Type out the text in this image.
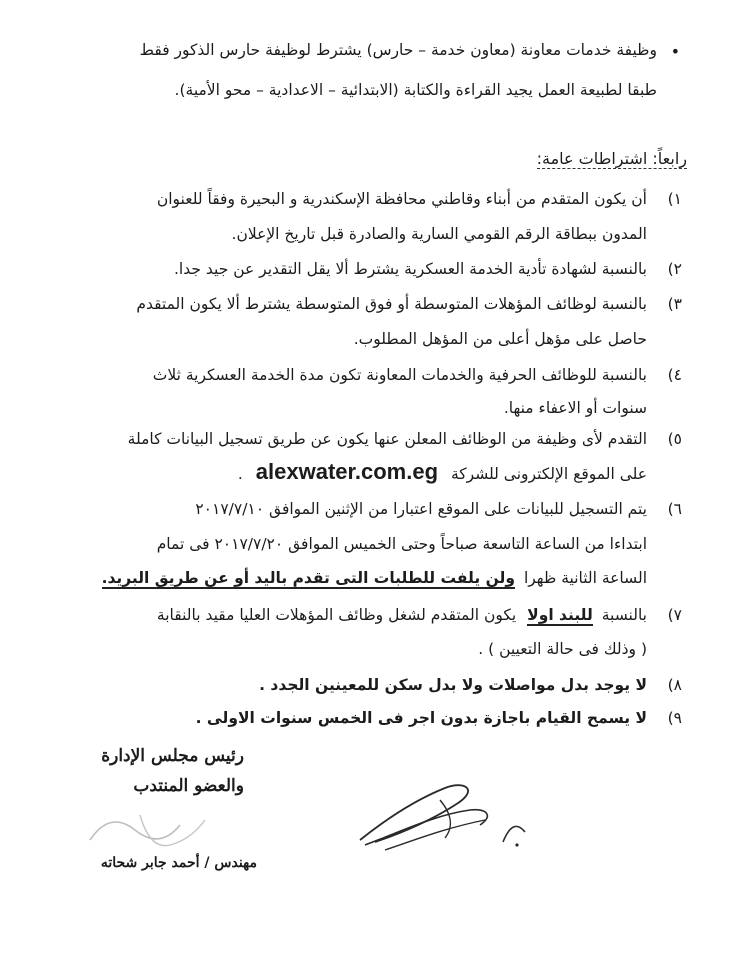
•
وظيفة خدمات معاونة (معاون خدمة – حارس) يشترط لوظيفة حارس الذكور فقط
طبقا لطبيعة العمل يجيد القراءة والكتابة (الابتدائية – الاعدادية – محو الأمية).
رابعاً: اشتراطات عامة:
(١
أن يكون المتقدم من أبناء وقاطني محافظة الإسكندرية و البحيرة وفقاً للعنوان
المدون ببطاقة الرقم القومي السارية والصادرة قبل تاريخ الإعلان.
(٢
بالنسبة لشهادة تأدية الخدمة العسكرية يشترط ألا يقل التقدير عن جيد جدا.
(٣
بالنسبة لوظائف المؤهلات المتوسطة أو فوق المتوسطة يشترط ألا يكون المتقدم
حاصل على مؤهل أعلى من المؤهل المطلوب.
(٤
بالنسبة للوظائف الحرفية والخدمات المعاونة تكون مدة الخدمة العسكرية ثلاث
سنوات أو الاعفاء منها.
(٥
التقدم لأى وظيفة من الوظائف المعلن عنها يكون عن طريق تسجيل البيانات كاملة
على الموقع الإلكترونى للشركة alexwater.com.eg .
(٦
يتم التسجيل للبيانات على الموقع اعتبارا من الإثنين الموافق ٢٠١٧/٧/١٠
ابتداءا من الساعة التاسعة صباحاً وحتى الخميس الموافق ٢٠١٧/٧/٢٠ فى تمام
الساعة الثانية ظهرا ولن يلفت للطلبات التى تقدم باليد أو عن طريق البريد.
(٧
بالنسبة للبند اولا يكون المتقدم لشغل وظائف المؤهلات العليا مقيد بالنقابة
( وذلك فى حالة التعيين ) .
(٨
لا يوجد بدل مواصلات ولا بدل سكن للمعينين الجدد .
(٩
لا يسمح القيام باجازة بدون اجر فى الخمس سنوات الاولى .
رئيس مجلس الإدارة
والعضو المنتدب
مهندس / أحمد جابر شحاته
